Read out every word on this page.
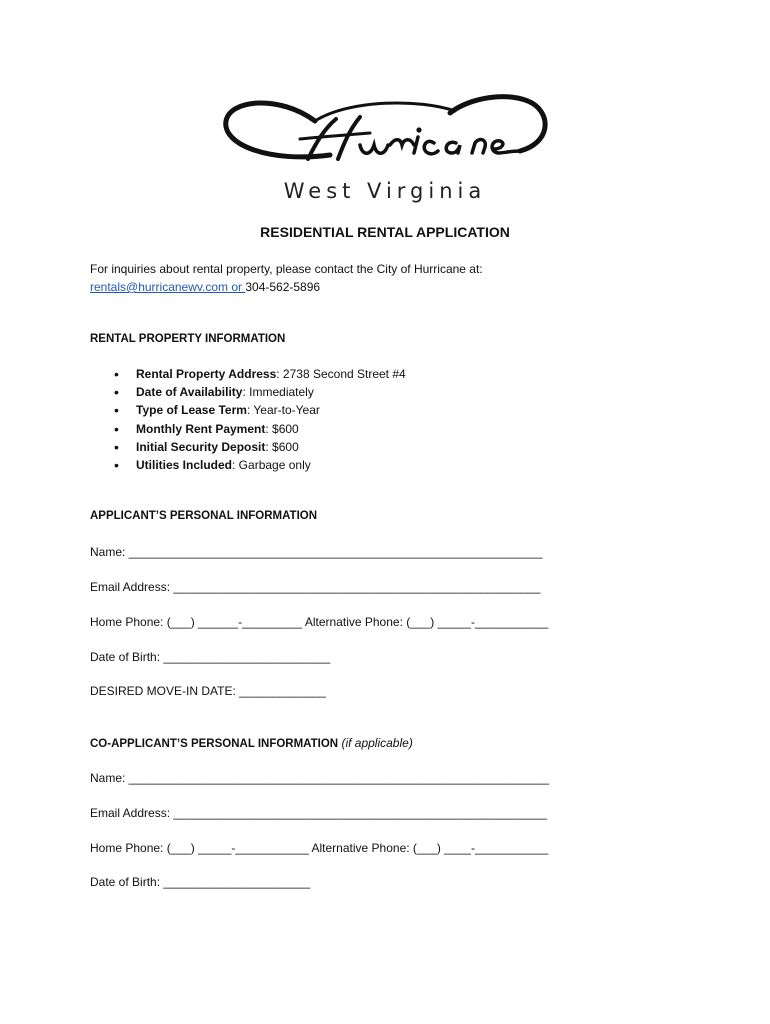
West Virginia
RESIDENTIAL RENTAL APPLICATION
For inquiries about rental property, please contact the City of Hurricane at:
rentals@hurricanewv.com or 304-562-5896
RENTAL PROPERTY INFORMATION
• Rental Property Address: 2738 Second Street #4
• Date of Availability: Immediately
• Type of Lease Term: Year-to-Year
• Monthly Rent Payment: $600
• Initial Security Deposit: $600
• Utilities Included: Garbage only
APPLICANT’S PERSONAL INFORMATION
Name: ______________________________________________________________
Email Address: _______________________________________________________
Home Phone: (___) ______-_________ Alternative Phone: (___) _____-___________
Date of Birth: _________________________
DESIRED MOVE-IN DATE: _____________
CO-APPLICANT’S PERSONAL INFORMATION (if applicable)
Name: _______________________________________________________________
Email Address: ________________________________________________________
Home Phone: (___) _____-___________ Alternative Phone: (___) ____-___________
Date of Birth: ______________________
